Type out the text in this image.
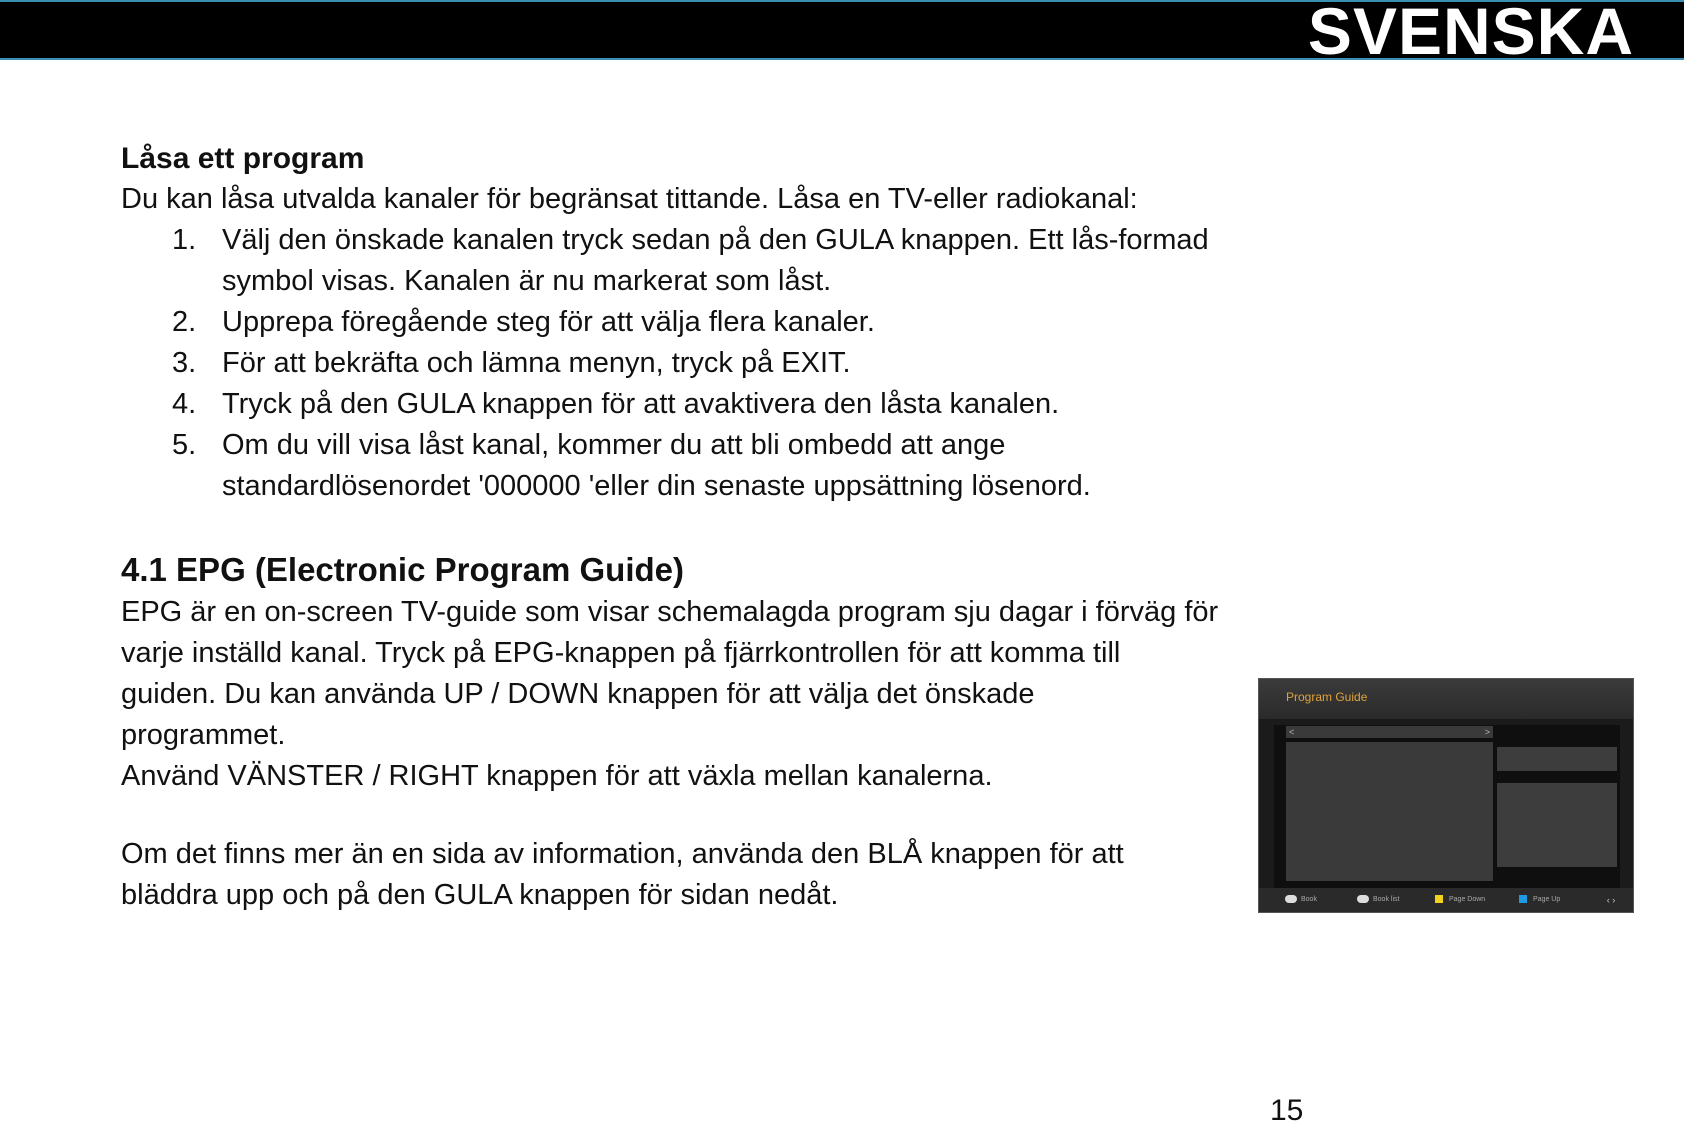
SVENSKA
Låsa ett program

Du kan låsa utvalda kanaler för begränsat tittande. Låsa en TV-eller radiokanal:

1. Välj den önskade kanalen tryck sedan på den GULA knappen. Ett lås-formad
symbol visas. Kanalen är nu markerat som låst.
2. Upprepa föregående steg för att välja flera kanaler.
3. För att bekräfta och lämna menyn, tryck på EXIT.
4. Tryck på den GULA knappen för att avaktivera den låsta kanalen.
5. Om du vill visa låst kanal, kommer du att bli ombedd att ange
standardlösenordet '000000 'eller din senaste uppsättning lösenord.
4.1 EPG (Electronic Program Guide)

EPG är en on-screen TV-guide som visar schemalagda program sju dagar i förväg för

varje inställd kanal. Tryck på EPG-knappen på fjärrkontrollen för att komma till

guiden. Du kan använda UP / DOWN knappen för att välja det önskade

programmet.

Använd VÄNSTER / RIGHT knappen för att växla mellan kanalerna.

Om det finns mer än en sida av information, använda den BLÅ knappen för att

bläddra upp och på den GULA knappen för sidan nedåt.

Program Guide
<	>
Book	Book list	Page Down	Page Up	‹ ›
15
